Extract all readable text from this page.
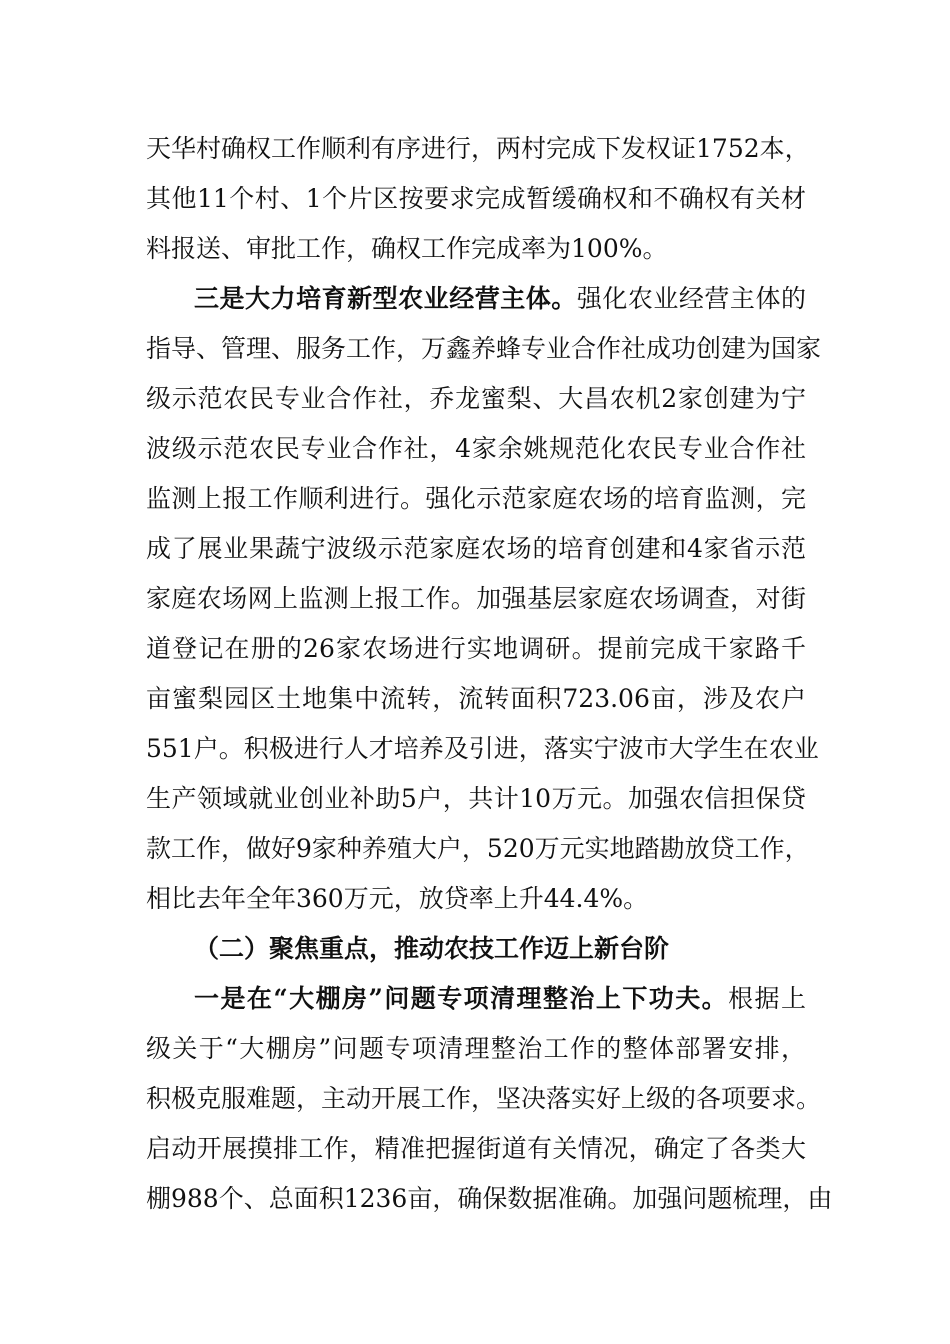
天华村确权工作顺利有序进行，两村完成下发权证1752本，
其他11个村、1个片区按要求完成暂缓确权和不确权有关材
料报送、审批工作，确权工作完成率为100%。
三是大力培育新型农业经营主体。强化农业经营主体的
指导、管理、服务工作，万鑫养蜂专业合作社成功创建为国家
级示范农民专业合作社，乔龙蜜梨、大昌农机2家创建为宁
波级示范农民专业合作社，4家余姚规范化农民专业合作社
监测上报工作顺利进行。强化示范家庭农场的培育监测，完
成了展业果蔬宁波级示范家庭农场的培育创建和4家省示范
家庭农场网上监测上报工作。加强基层家庭农场调查，对街
道登记在册的26家农场进行实地调研。提前完成干家路千
亩蜜梨园区土地集中流转，流转面积723.06亩，涉及农户
551户。积极进行人才培养及引进，落实宁波市大学生在农业
生产领域就业创业补助5户，共计10万元。加强农信担保贷
款工作，做好9家种养殖大户，520万元实地踏勘放贷工作，
相比去年全年360万元，放贷率上升44.4%。
（二）聚焦重点，推动农技工作迈上新台阶
一是在“大棚房”问题专项清理整治上下功夫。根据上
级关于“大棚房”问题专项清理整治工作的整体部署安排，
积极克服难题，主动开展工作，坚决落实好上级的各项要求。
启动开展摸排工作，精准把握街道有关情况，确定了各类大
棚988个、总面积1236亩，确保数据准确。加强问题梳理，由
